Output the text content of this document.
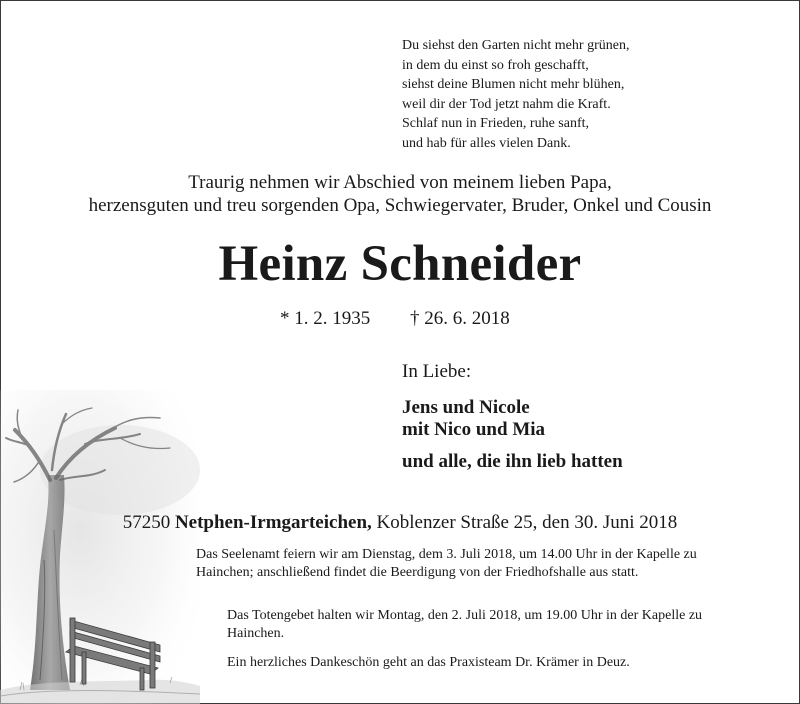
Du siehst den Garten nicht mehr grünen,
in dem du einst so froh geschafft,
siehst deine Blumen nicht mehr blühen,
weil dir der Tod jetzt nahm die Kraft.
Schlaf nun in Frieden, ruhe sanft,
und hab für alles vielen Dank.
Traurig nehmen wir Abschied von meinem lieben Papa,
herzensguten und treu sorgenden Opa, Schwiegervater, Bruder, Onkel und Cousin
Heinz Schneider
* 1. 2. 1935 † 26. 6. 2018
In Liebe:
Jens und Nicole
mit Nico und Mia
und alle, die ihn lieb hatten
57250 Netphen-Irmgarteichen, Koblenzer Straße 25, den 30. Juni 2018
Das Seelenamt feiern wir am Dienstag, dem 3. Juli 2018, um 14.00 Uhr in der Kapelle zu Hainchen; anschließend findet die Beerdigung von der Friedhofshalle aus statt.
Das Totengebet halten wir Montag, den 2. Juli 2018, um 19.00 Uhr in der Kapelle zu Hainchen.
Ein herzliches Dankeschön geht an das Praxisteam Dr. Krämer in Deuz.
